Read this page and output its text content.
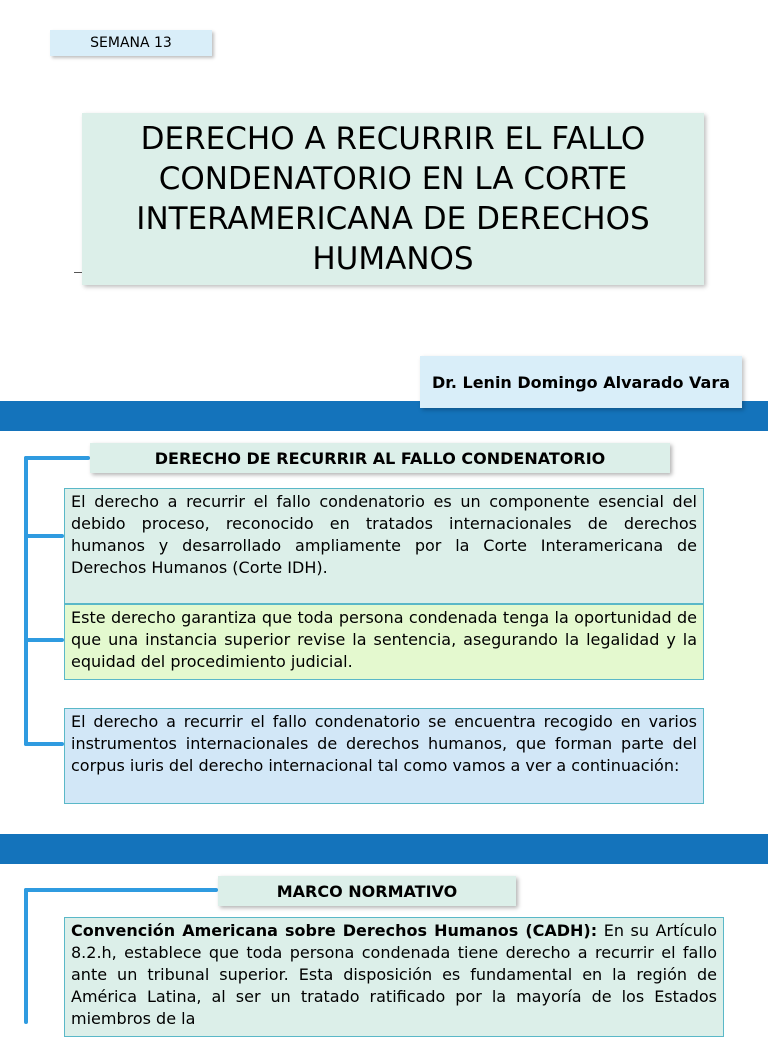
SEMANA 13
DERECHO A RECURRIR EL FALLO CONDENATORIO EN LA CORTE INTERAMERICANA DE DERECHOS HUMANOS
Dr. Lenin Domingo Alvarado Vara
DERECHO DE RECURRIR AL FALLO CONDENATORIO
El derecho a recurrir el fallo condenatorio es un componente esencial del debido proceso, reconocido en tratados internacionales de derechos humanos y desarrollado ampliamente por la Corte Interamericana de Derechos Humanos (Corte IDH).
Este derecho garantiza que toda persona condenada tenga la oportunidad de que una instancia superior revise la sentencia, asegurando la legalidad y la equidad del procedimiento judicial.
El derecho a recurrir el fallo condenatorio se encuentra recogido en varios instrumentos internacionales de derechos humanos, que forman parte del corpus iuris del derecho internacional tal como vamos a ver a continuación:
MARCO NORMATIVO
Convención Americana sobre Derechos Humanos (CADH): En su Artículo 8.2.h, establece que toda persona condenada tiene derecho a recurrir el fallo ante un tribunal superior. Esta disposición es fundamental en la región de América Latina, al ser un tratado ratificado por la mayoría de los Estados miembros de la
